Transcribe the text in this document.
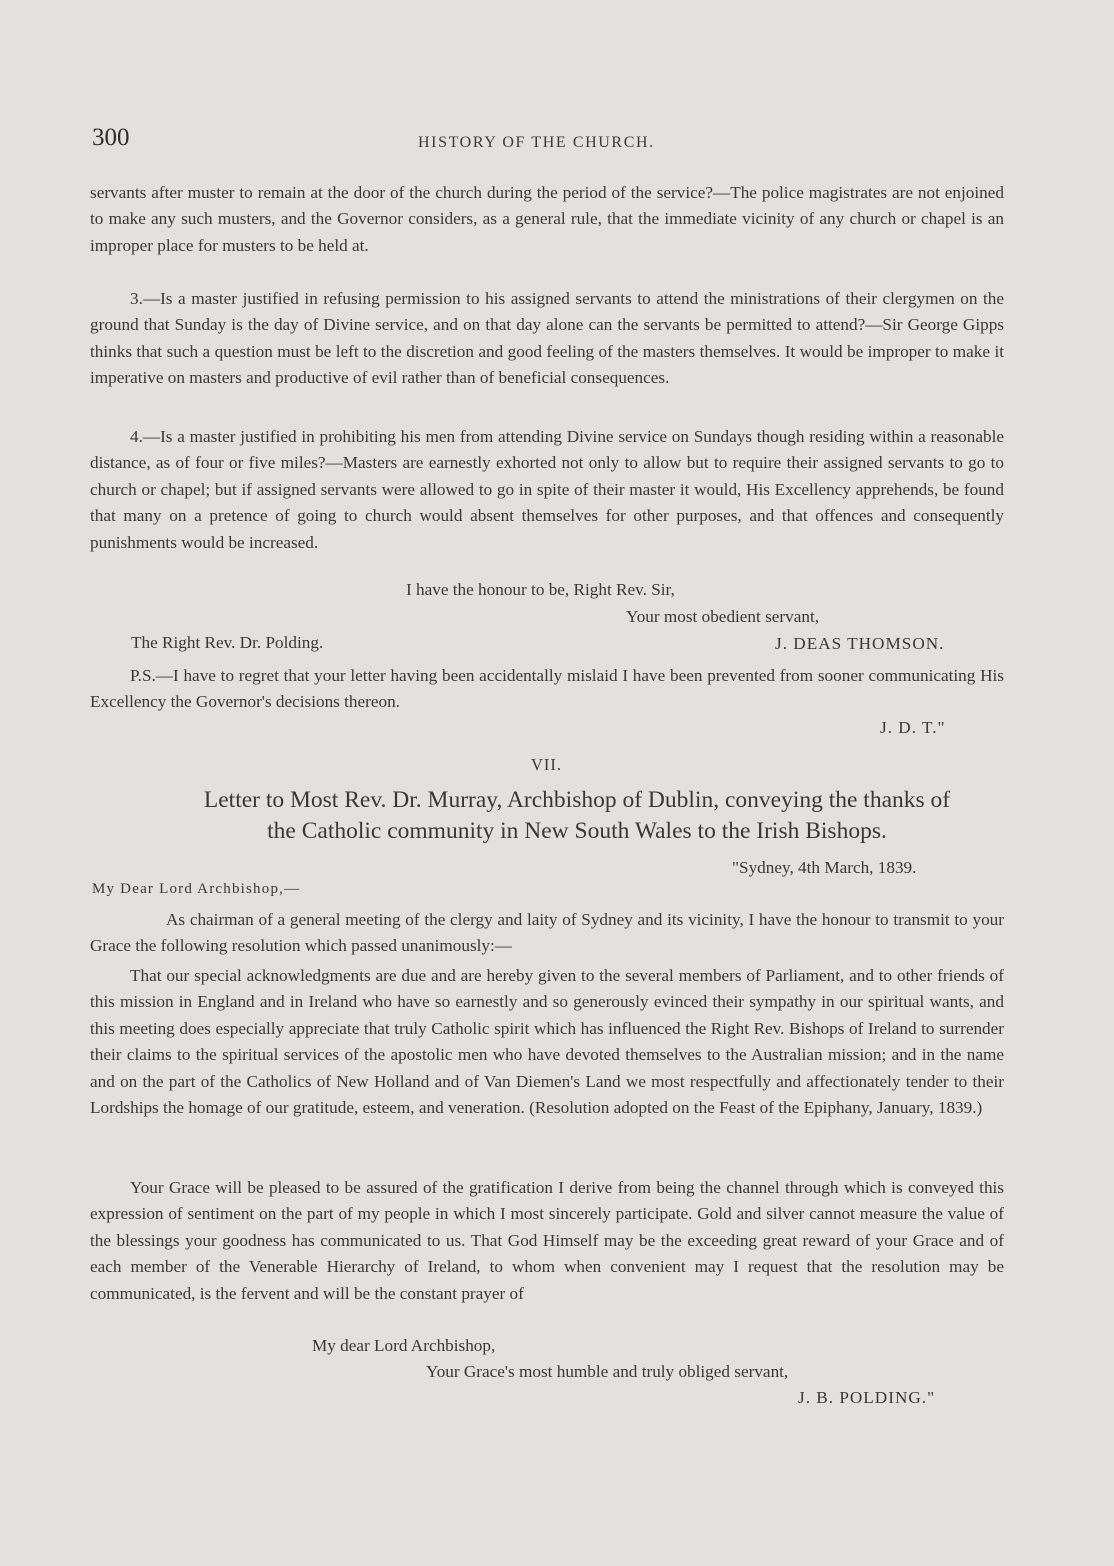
300	HISTORY OF THE CHURCH.

servants after muster to remain at the door of the church during the period of the service?—The police magistrates are not enjoined to make any such musters, and the Governor considers, as a general rule, that the immediate vicinity of any church or chapel is an improper place for musters to be held at.

3.—Is a master justified in refusing permission to his assigned servants to attend the ministrations of their clergymen on the ground that Sunday is the day of Divine service, and on that day alone can the servants be permitted to attend?—Sir George Gipps thinks that such a question must be left to the discretion and good feeling of the masters themselves. It would be improper to make it imperative on masters and productive of evil rather than of beneficial consequences.

4.—Is a master justified in prohibiting his men from attending Divine service on Sundays though residing within a reasonable distance, as of four or five miles?—Masters are earnestly exhorted not only to allow but to require their assigned servants to go to church or chapel; but if assigned servants were allowed to go in spite of their master it would, His Excellency apprehends, be found that many on a pretence of going to church would absent themselves for other purposes, and that offences and consequently punishments would be increased.

I have the honour to be, Right Rev. Sir,
Your most obedient servant,
The Right Rev. Dr. Polding.	J. DEAS THOMSON.

P.S.—I have to regret that your letter having been accidentally mislaid I have been prevented from sooner communicating His Excellency the Governor's decisions thereon.

J. D. T."
VII.
Letter to Most Rev. Dr. Murray, Archbishop of Dublin, conveying the thanks of
the Catholic community in New South Wales to the Irish Bishops.
"Sydney, 4th March, 1839.
My Dear Lord Archbishop,—

As chairman of a general meeting of the clergy and laity of Sydney and its vicinity, I have the honour to transmit to your Grace the following resolution which passed unanimously:—

That our special acknowledgments are due and are hereby given to the several members of Parliament, and to other friends of this mission in England and in Ireland who have so earnestly and so generously evinced their sympathy in our spiritual wants, and this meeting does especially appreciate that truly Catholic spirit which has influenced the Right Rev. Bishops of Ireland to surrender their claims to the spiritual services of the apostolic men who have devoted themselves to the Australian mission; and in the name and on the part of the Catholics of New Holland and of Van Diemen's Land we most respectfully and affectionately tender to their Lordships the homage of our gratitude, esteem, and veneration. (Resolution adopted on the Feast of the Epiphany, January, 1839.)

Your Grace will be pleased to be assured of the gratification I derive from being the channel through which is conveyed this expression of sentiment on the part of my people in which I most sincerely participate. Gold and silver cannot measure the value of the blessings your goodness has communicated to us. That God Himself may be the exceeding great reward of your Grace and of each member of the Venerable Hierarchy of Ireland, to whom when convenient may I request that the resolution may be communicated, is the fervent and will be the constant prayer of

My dear Lord Archbishop,
Your Grace's most humble and truly obliged servant,
J. B. POLDING."
